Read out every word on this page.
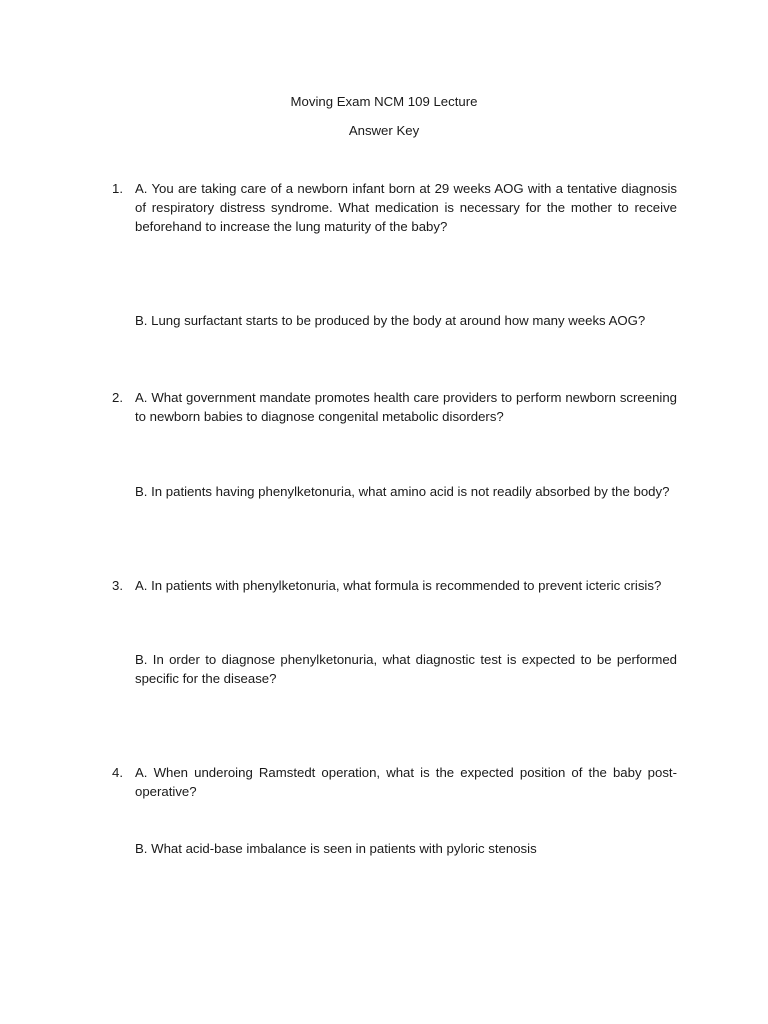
Moving Exam NCM 109 Lecture
Answer Key
1. A. You are taking care of a newborn infant born at 29 weeks AOG with a tentative diagnosis of respiratory distress syndrome. What medication is necessary for the mother to receive beforehand to increase the lung maturity of the baby?
B. Lung surfactant starts to be produced by the body at around how many weeks AOG?
2. A. What government mandate promotes health care providers to perform newborn screening to newborn babies to diagnose congenital metabolic disorders?
B. In patients having phenylketonuria, what amino acid is not readily absorbed by the body?
3. A. In patients with phenylketonuria, what formula is recommended to prevent icteric crisis?
B. In order to diagnose phenylketonuria, what diagnostic test is expected to be performed specific for the disease?
4. A. When underoing Ramstedt operation, what is the expected position of the baby post-operative?
B. What acid-base imbalance is seen in patients with pyloric stenosis
